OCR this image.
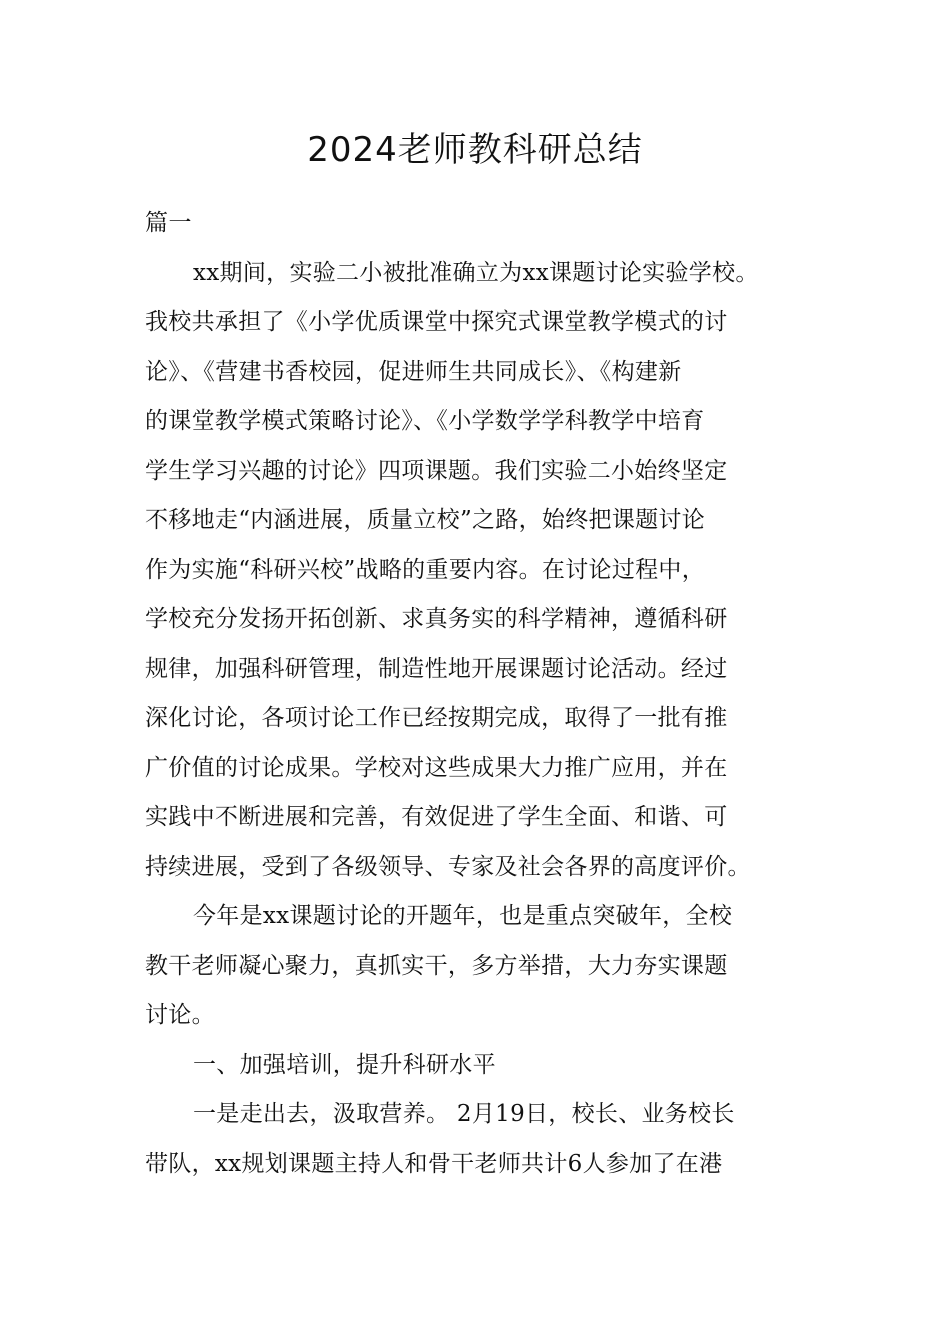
2024老师教科研总结

篇一

xx期间，实验二小被批准确立为xx课题讨论实验学校。

我校共承担了《小学优质课堂中探究式课堂教学模式的讨

论》、《营建书香校园，促进师生共同成长》、《构建新

的课堂教学模式策略讨论》、《小学数学学科教学中培育

学生学习兴趣的讨论》四项课题。我们实验二小始终坚定

不移地走“内涵进展，质量立校”之路，始终把课题讨论

作为实施“科研兴校”战略的重要内容。在讨论过程中，

学校充分发扬开拓创新、求真务实的科学精神，遵循科研

规律，加强科研管理，制造性地开展课题讨论活动。经过

深化讨论，各项讨论工作已经按期完成，取得了一批有推

广价值的讨论成果。学校对这些成果大力推广应用，并在

实践中不断进展和完善，有效促进了学生全面、和谐、可

持续进展，受到了各级领导、专家及社会各界的高度评价。

今年是xx课题讨论的开题年，也是重点突破年，全校

教干老师凝心聚力，真抓实干，多方举措，大力夯实课题

讨论。

一、加强培训，提升科研水平

一是走出去，汲取营养。 2月19日，校长、业务校长

带队，xx规划课题主持人和骨干老师共计6人参加了在港
